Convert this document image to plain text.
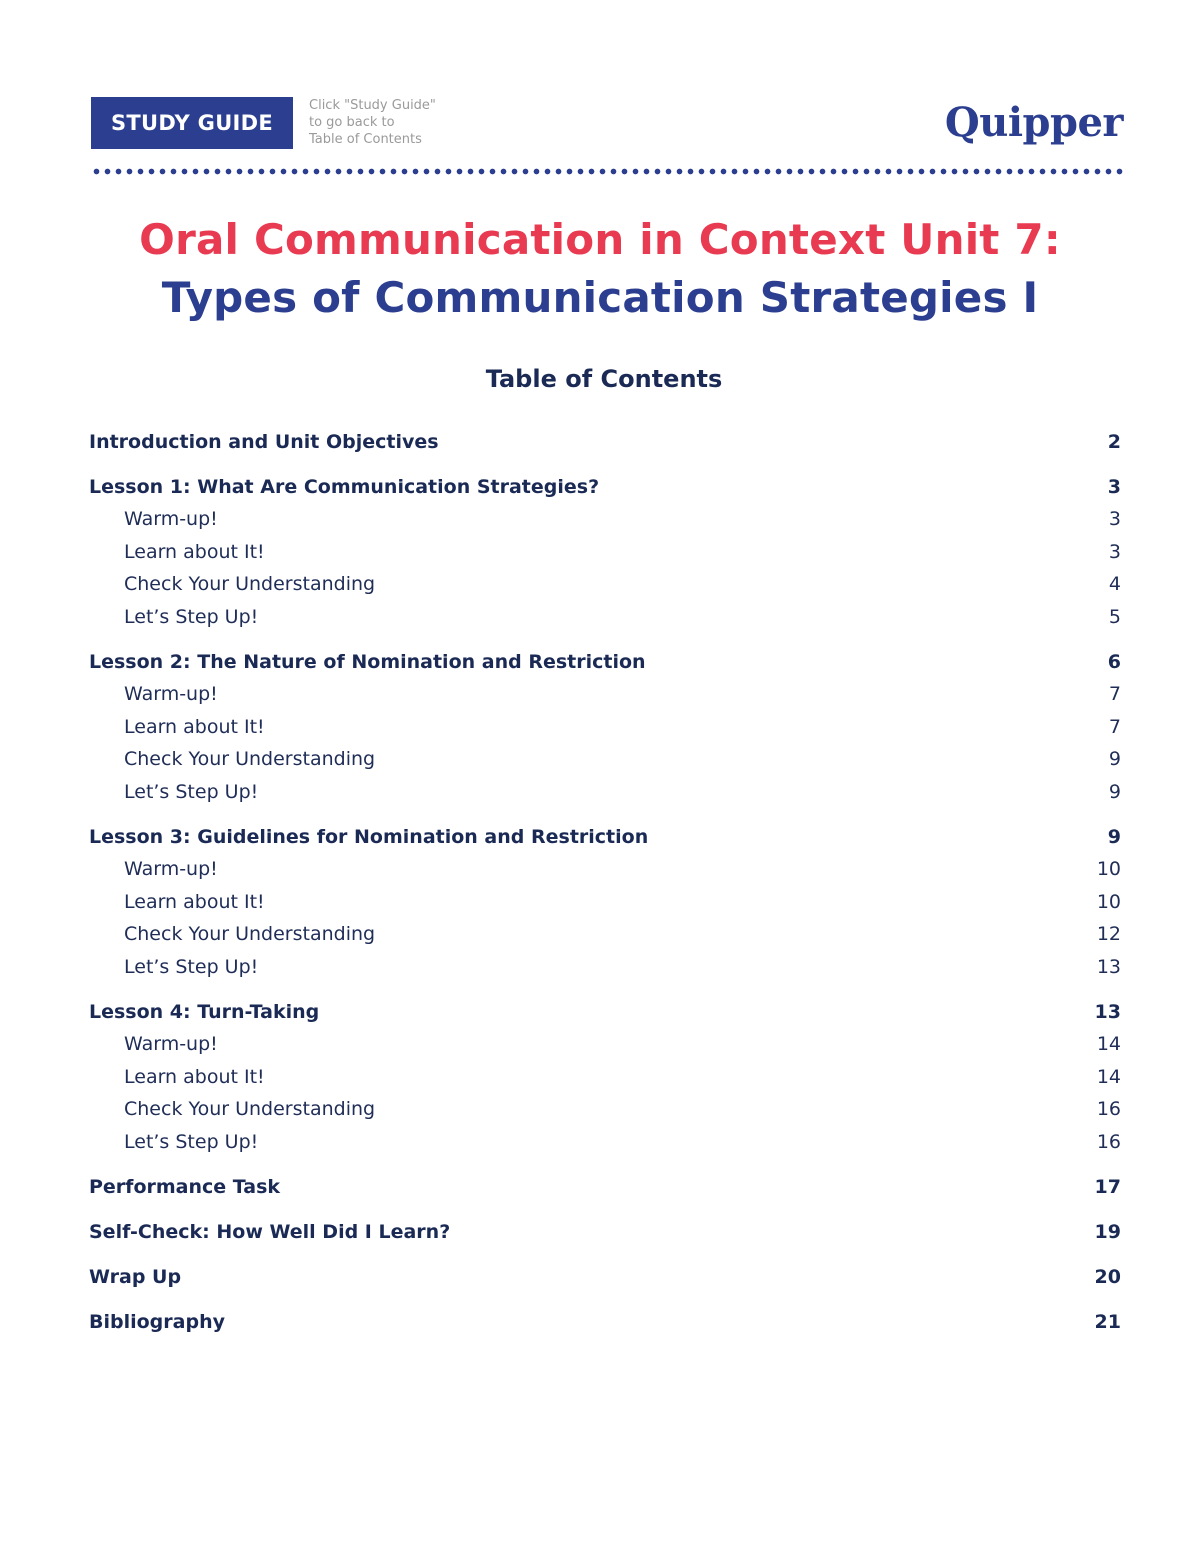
STUDY GUIDE
Click "Study Guide"
to go back to
Table of Contents	Quipper
Oral Communication in Context Unit 7:
Types of Communication Strategies I
Table of Contents
Introduction and Unit Objectives	2
Lesson 1: What Are Communication Strategies?	3
Warm-up!	3
Learn about It!	3
Check Your Understanding	4
Let’s Step Up!	5
Lesson 2: The Nature of Nomination and Restriction	6
Warm-up!	7
Learn about It!	7
Check Your Understanding	9
Let’s Step Up!	9
Lesson 3: Guidelines for Nomination and Restriction	9
Warm-up!	10
Learn about It!	10
Check Your Understanding	12
Let’s Step Up!	13
Lesson 4: Turn-Taking	13
Warm-up!	14
Learn about It!	14
Check Your Understanding	16
Let’s Step Up!	16
Performance Task	17
Self-Check: How Well Did I Learn?	19
Wrap Up	20
Bibliography	21
